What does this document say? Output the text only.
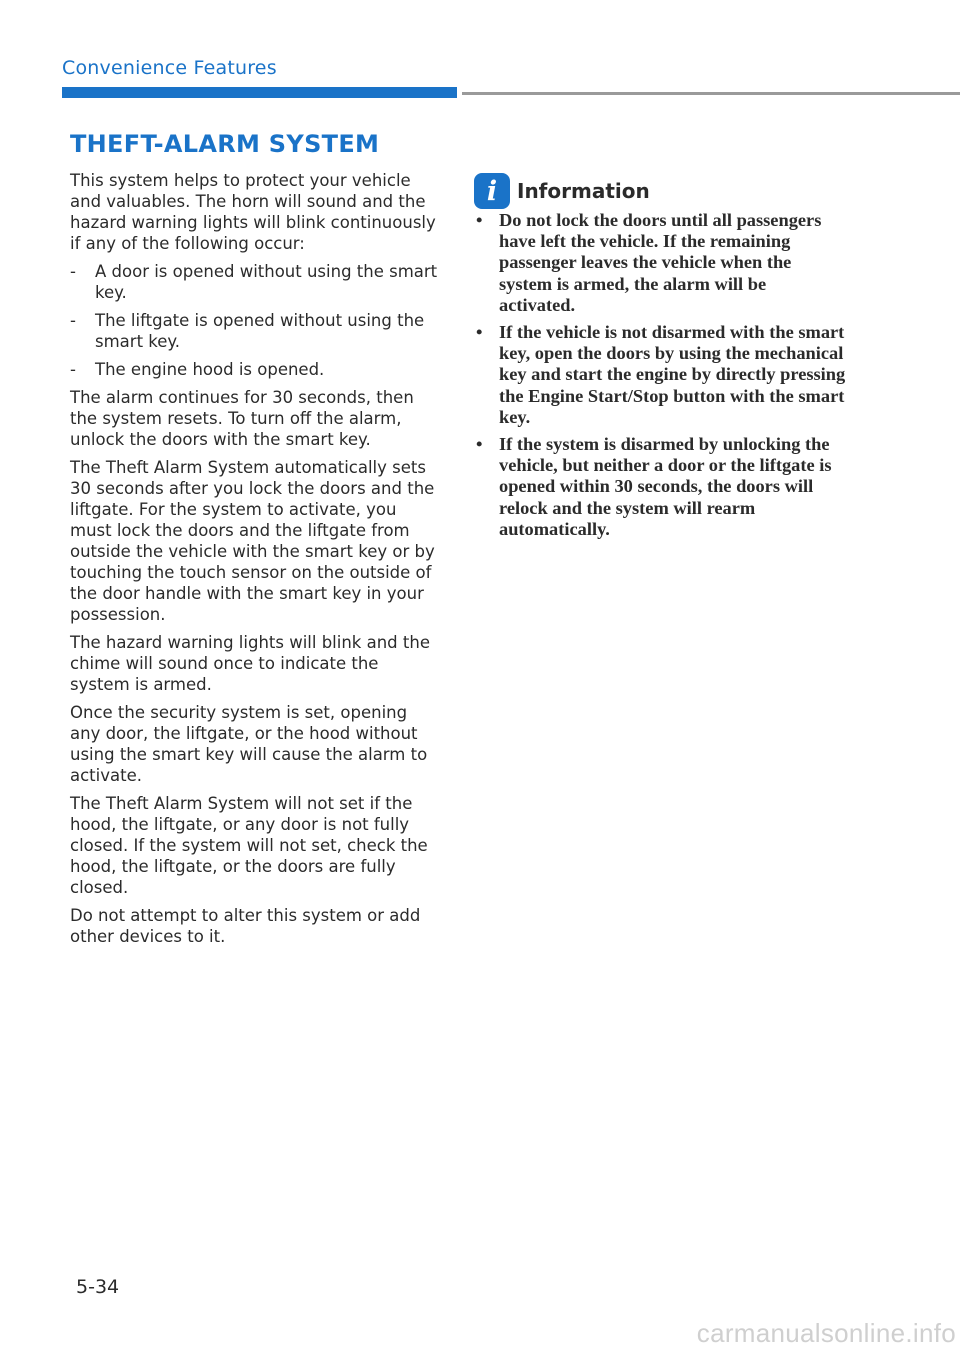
Convenience Features
THEFT-ALARM SYSTEM

This system helps to protect your vehicle and valuables. The horn will sound and the hazard warning lights will blink continuously if any of the following occur:

- A door is opened without using the smart key.
- The liftgate is opened without using the smart key.
- The engine hood is opened.

The alarm continues for 30 seconds, then the system resets. To turn off the alarm, unlock the doors with the smart key.

The Theft Alarm System automatically sets 30 seconds after you lock the doors and the liftgate. For the system to activate, you must lock the doors and the liftgate from outside the vehicle with the smart key or by touching the touch sensor on the outside of the door handle with the smart key in your possession.

The hazard warning lights will blink and the chime will sound once to indicate the system is armed.

Once the security system is set, opening any door, the liftgate, or the hood without using the smart key will cause the alarm to activate.

The Theft Alarm System will not set if the hood, the liftgate, or any door is not fully closed. If the system will not set, check the hood, the liftgate, or the doors are fully closed.

Do not attempt to alter this system or add other devices to it.

i Information
• Do not lock the doors until all passengers have left the vehicle. If the remaining passenger leaves the vehicle when the system is armed, the alarm will be activated.
• If the vehicle is not disarmed with the smart key, open the doors by using the mechanical key and start the engine by directly pressing the Engine Start/Stop button with the smart key.
• If the system is disarmed by unlocking the vehicle, but neither a door or the liftgate is opened within 30 seconds, the doors will relock and the system will rearm automatically.
5-34
carmanualsonline.info
